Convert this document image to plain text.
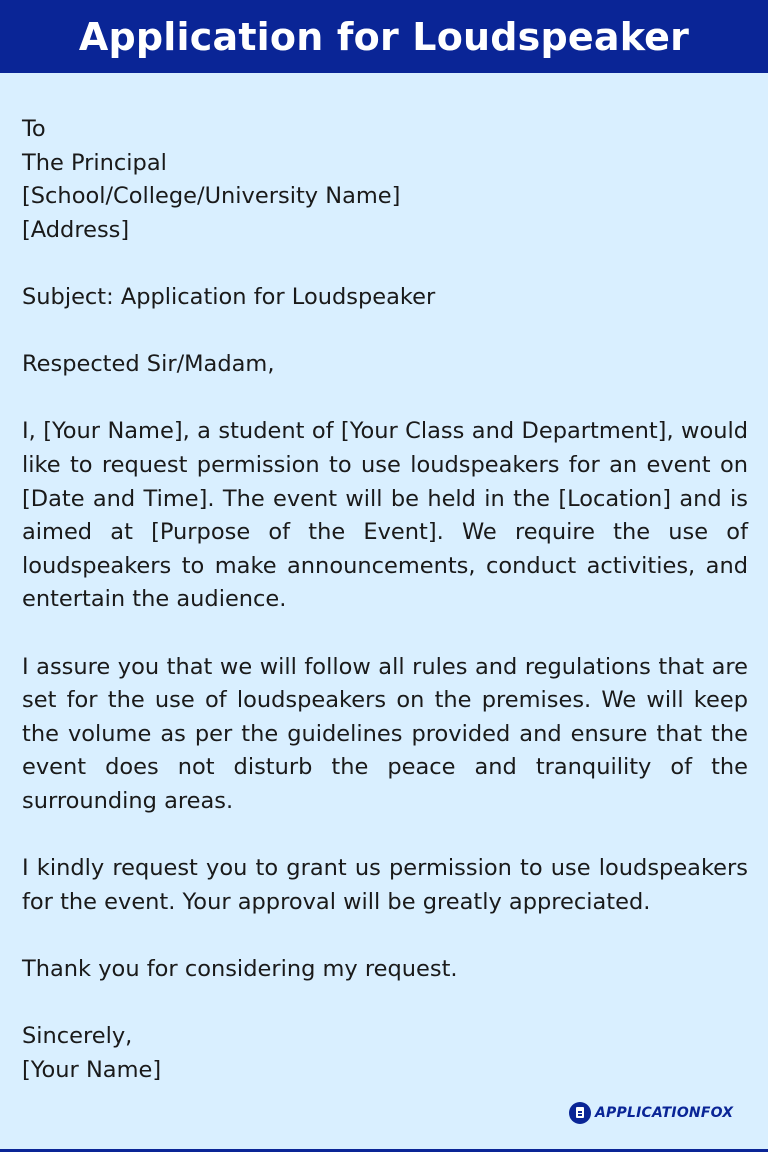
Application for Loudspeaker

To

The Principal

[School/College/University Name]

[Address]

Subject: Application for Loudspeaker

Respected Sir/Madam,

I, [Your Name], a student of [Your Class and Department], would like to request permission to use loudspeakers for an event on [Date and Time]. The event will be held in the [Location] and is aimed at [Purpose of the Event]. We require the use of loudspeakers to make announcements, conduct activities, and entertain the audience.

I assure you that we will follow all rules and regulations that are set for the use of loudspeakers on the premises. We will keep the volume as per the guidelines provided and ensure that the event does not disturb the peace and tranquility of the surrounding areas.

I kindly request you to grant us permission to use loudspeakers for the event. Your approval will be greatly appreciated.

Thank you for considering my request.

Sincerely,

[Your Name]

APPLICATIONFOX
